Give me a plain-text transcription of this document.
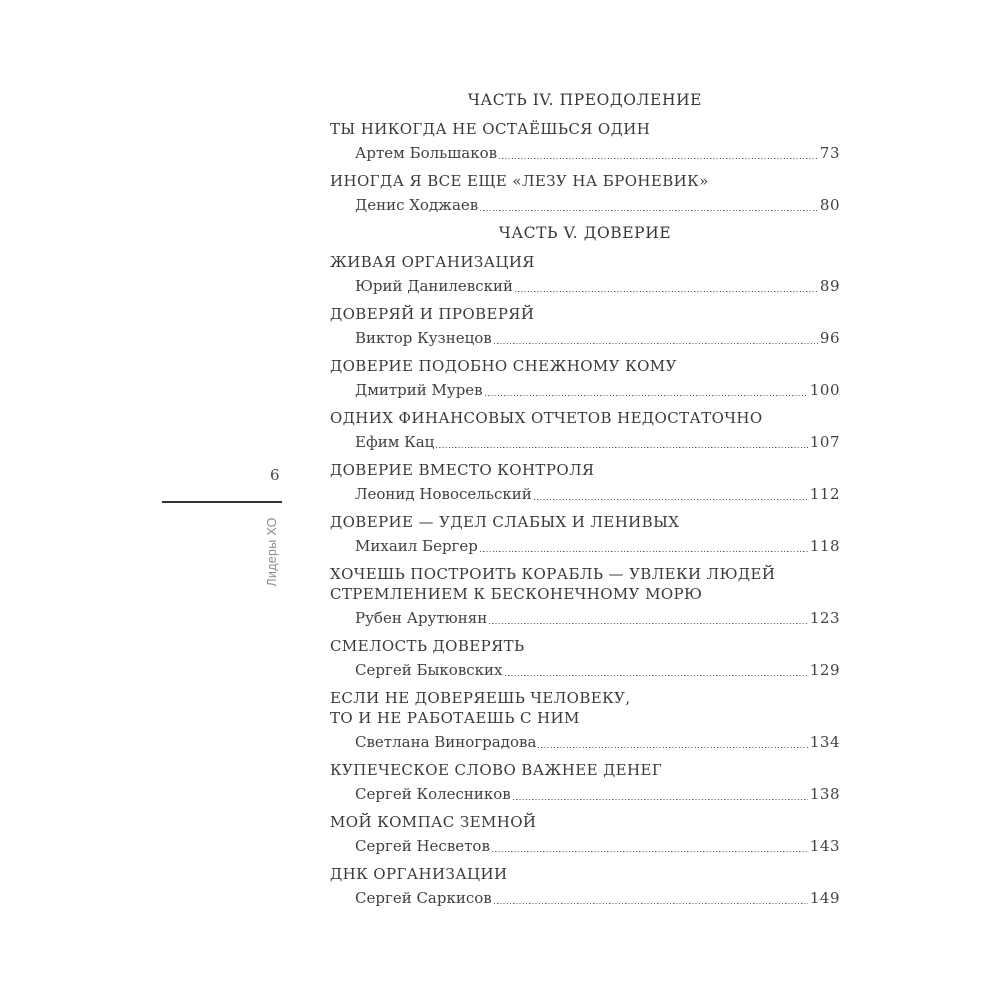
6
Лидеры ХО
ЧАСТЬ IV. ПРЕОДОЛЕНИЕ
ТЫ НИКОГДА НЕ ОСТАЁШЬСЯ ОДИН
Артем Большаков	73
ИНОГДА Я ВСЕ ЕЩЕ «ЛЕЗУ НА БРОНЕВИК»
Денис Ходжаев	80
ЧАСТЬ V. ДОВЕРИЕ
ЖИВАЯ ОРГАНИЗАЦИЯ
Юрий Данилевский	89
ДОВЕРЯЙ И ПРОВЕРЯЙ
Виктор Кузнецов	96
ДОВЕРИЕ ПОДОБНО СНЕЖНОМУ КОМУ
Дмитрий Мурев	100
ОДНИХ ФИНАНСОВЫХ ОТЧЕТОВ НЕДОСТАТОЧНО
Ефим Кац	107
ДОВЕРИЕ ВМЕСТО КОНТРОЛЯ
Леонид Новосельский	112
ДОВЕРИЕ — УДЕЛ СЛАБЫХ И ЛЕНИВЫХ
Михаил Бергер	118
ХОЧЕШЬ ПОСТРОИТЬ КОРАБЛЬ — УВЛЕКИ ЛЮДЕЙ
СТРЕМЛЕНИЕМ К БЕСКОНЕЧНОМУ МОРЮ
Рубен Арутюнян	123
СМЕЛОСТЬ ДОВЕРЯТЬ
Сергей Быковских	129
ЕСЛИ НЕ ДОВЕРЯЕШЬ ЧЕЛОВЕКУ,
ТО И НЕ РАБОТАЕШЬ С НИМ
Светлана Виноградова	134
КУПЕЧЕСКОЕ СЛОВО ВАЖНЕЕ ДЕНЕГ
Сергей Колесников	138
МОЙ КОМПАС ЗЕМНОЙ
Сергей Несветов	143
ДНК ОРГАНИЗАЦИИ
Сергей Саркисов	149
